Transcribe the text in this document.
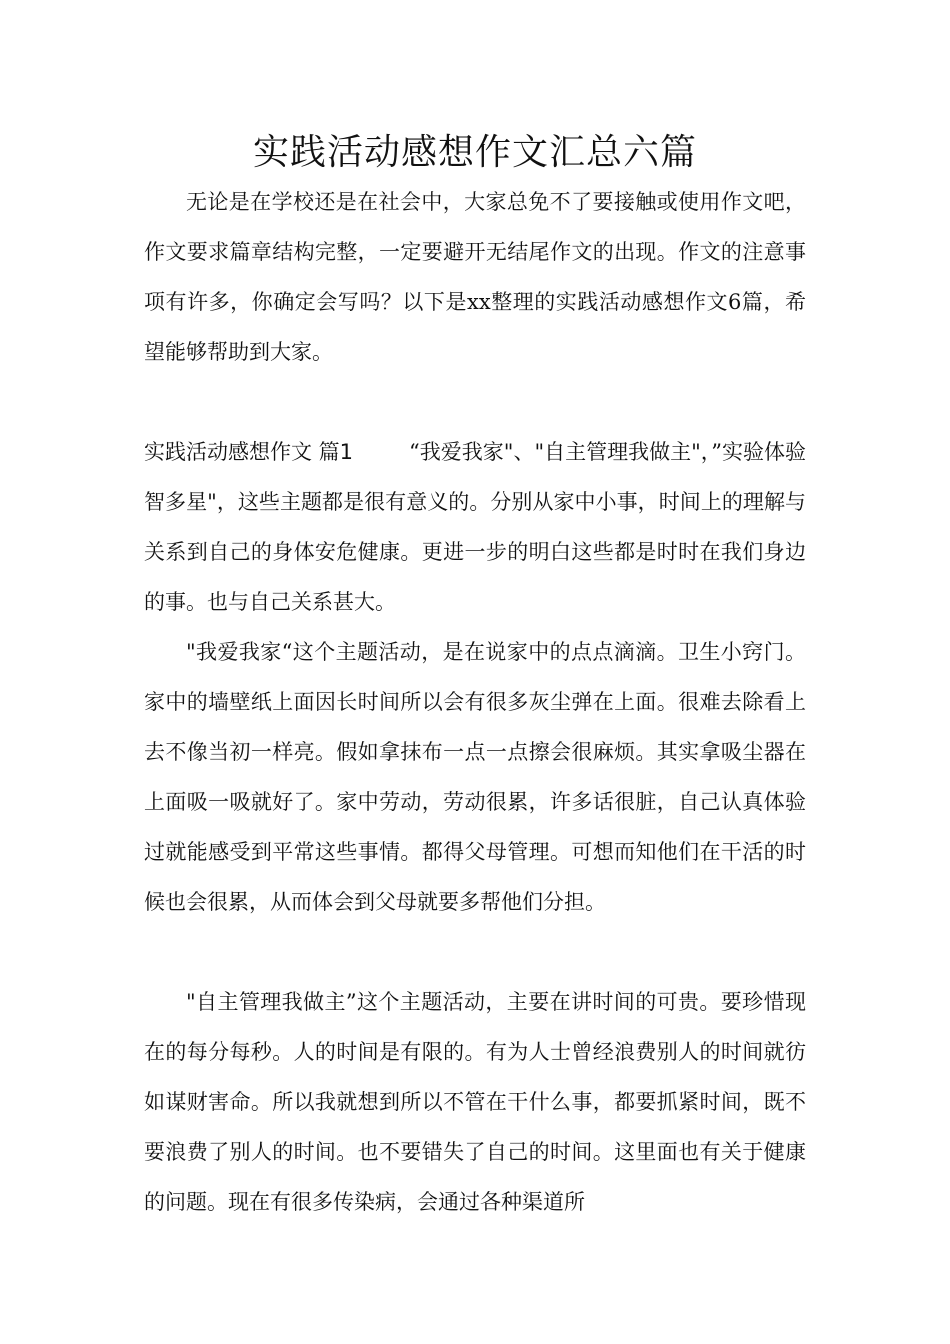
实践活动感想作文汇总六篇

无论是在学校还是在社会中，大家总免不了要接触或使用作文吧，作文要求篇章结构完整，一定要避开无结尾作文的出现。作文的注意事项有许多，你确定会写吗？以下是xx整理的实践活动感想作文6篇，希望能够帮助到大家。

实践活动感想作文 篇1	“我爱我家"、"自主管理我做主"，”实验体验智多星"，这些主题都是很有意义的。分别从家中小事，时间上的理解与关系到自己的身体安危健康。更进一步的明白这些都是时时在我们身边的事。也与自己关系甚大。

"我爱我家“这个主题活动，是在说家中的点点滴滴。卫生小窍门。家中的墙壁纸上面因长时间所以会有很多灰尘弹在上面。很难去除看上去不像当初一样亮。假如拿抹布一点一点擦会很麻烦。其实拿吸尘器在上面吸一吸就好了。家中劳动，劳动很累，许多话很脏，自己认真体验过就能感受到平常这些事情。都得父母管理。可想而知他们在干活的时候也会很累，从而体会到父母就要多帮他们分担。

"自主管理我做主”这个主题活动，主要在讲时间的可贵。要珍惜现在的每分每秒。人的时间是有限的。有为人士曾经浪费别人的时间就彷如谋财害命。所以我就想到所以不管在干什么事，都要抓紧时间，既不要浪费了别人的时间。也不要错失了自己的时间。这里面也有关于健康的问题。现在有很多传染病，会通过各种渠道所
